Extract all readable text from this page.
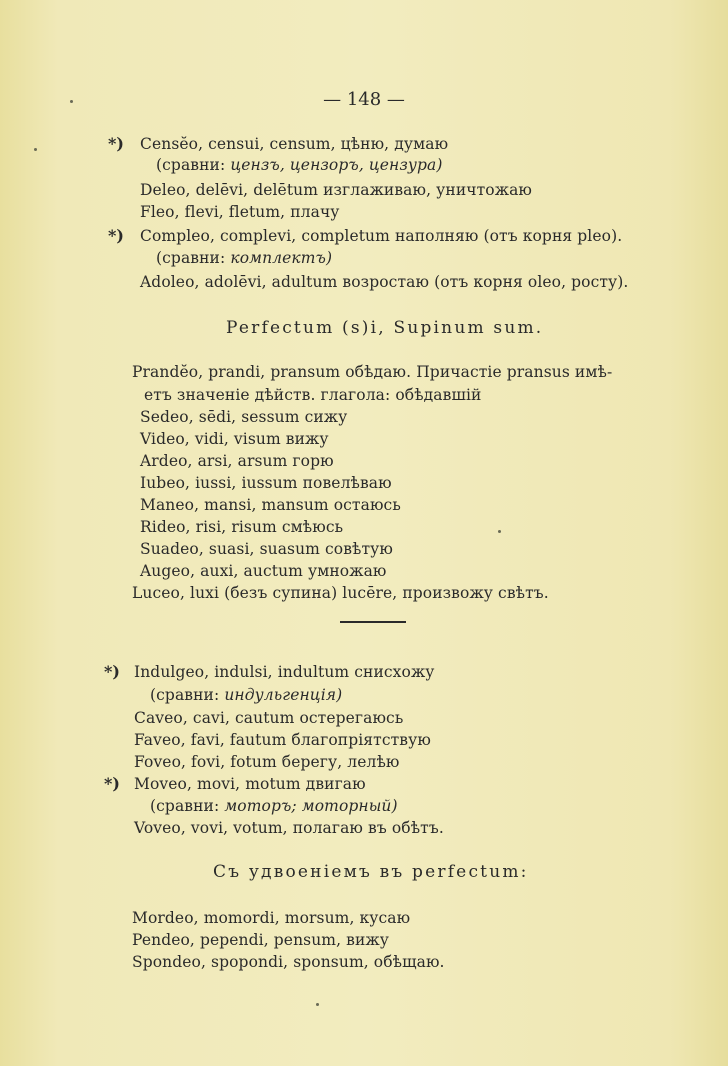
— 148 —
*) Censĕo, censui, censum, цѣню, думаю
(сравни: цензъ, цензоръ, цензура)
Deleo, delēvi, delētum изглаживаю, уничтожаю
Fleo, flevi, fletum, плачу
*) Compleo, complevi, completum наполняю (отъ корня pleo).
(сравни: комплектъ)
Adoleo, adolēvi, adultum возростаю (отъ корня oleo, росту).
Perfectum (s)i, Supinum sum.
Prandĕo, prandi, pransum обѣдаю. Причастіе pransus имѣ-
етъ значеніе дѣйств. глагола: обѣдавшій
Sedeo, sēdi, sessum сижу
Video, vidi, visum вижу
Ardeo, arsi, arsum горю
Iubeo, iussi, iussum повелѣваю
Maneo, mansi, mansum остаюсь
Rideo, risi, risum смѣюсь
Suadeo, suasi, suasum совѣтую
Augeo, auxi, auctum умножаю
Luceo, luxi (безъ супина) lucēre, произвожу свѣтъ.
*) Indulgeo, indulsi, indultum снисхожу
(сравни: индульгенція)
Caveo, cavi, cautum остерегаюсь
Faveo, favi, fautum благопріятствую
Foveo, fovi, fotum берегу, лелѣю
*) Moveo, movi, motum двигаю
(сравни: моторъ; моторный)
Voveo, vovi, votum, полагаю въ обѣтъ.
Съ удвоеніемъ въ perfectum:
Mordeo, momordi, morsum, кусаю
Pendeo, pependi, pensum, вижу
Spondeo, spopondi, sponsum, обѣщаю.
